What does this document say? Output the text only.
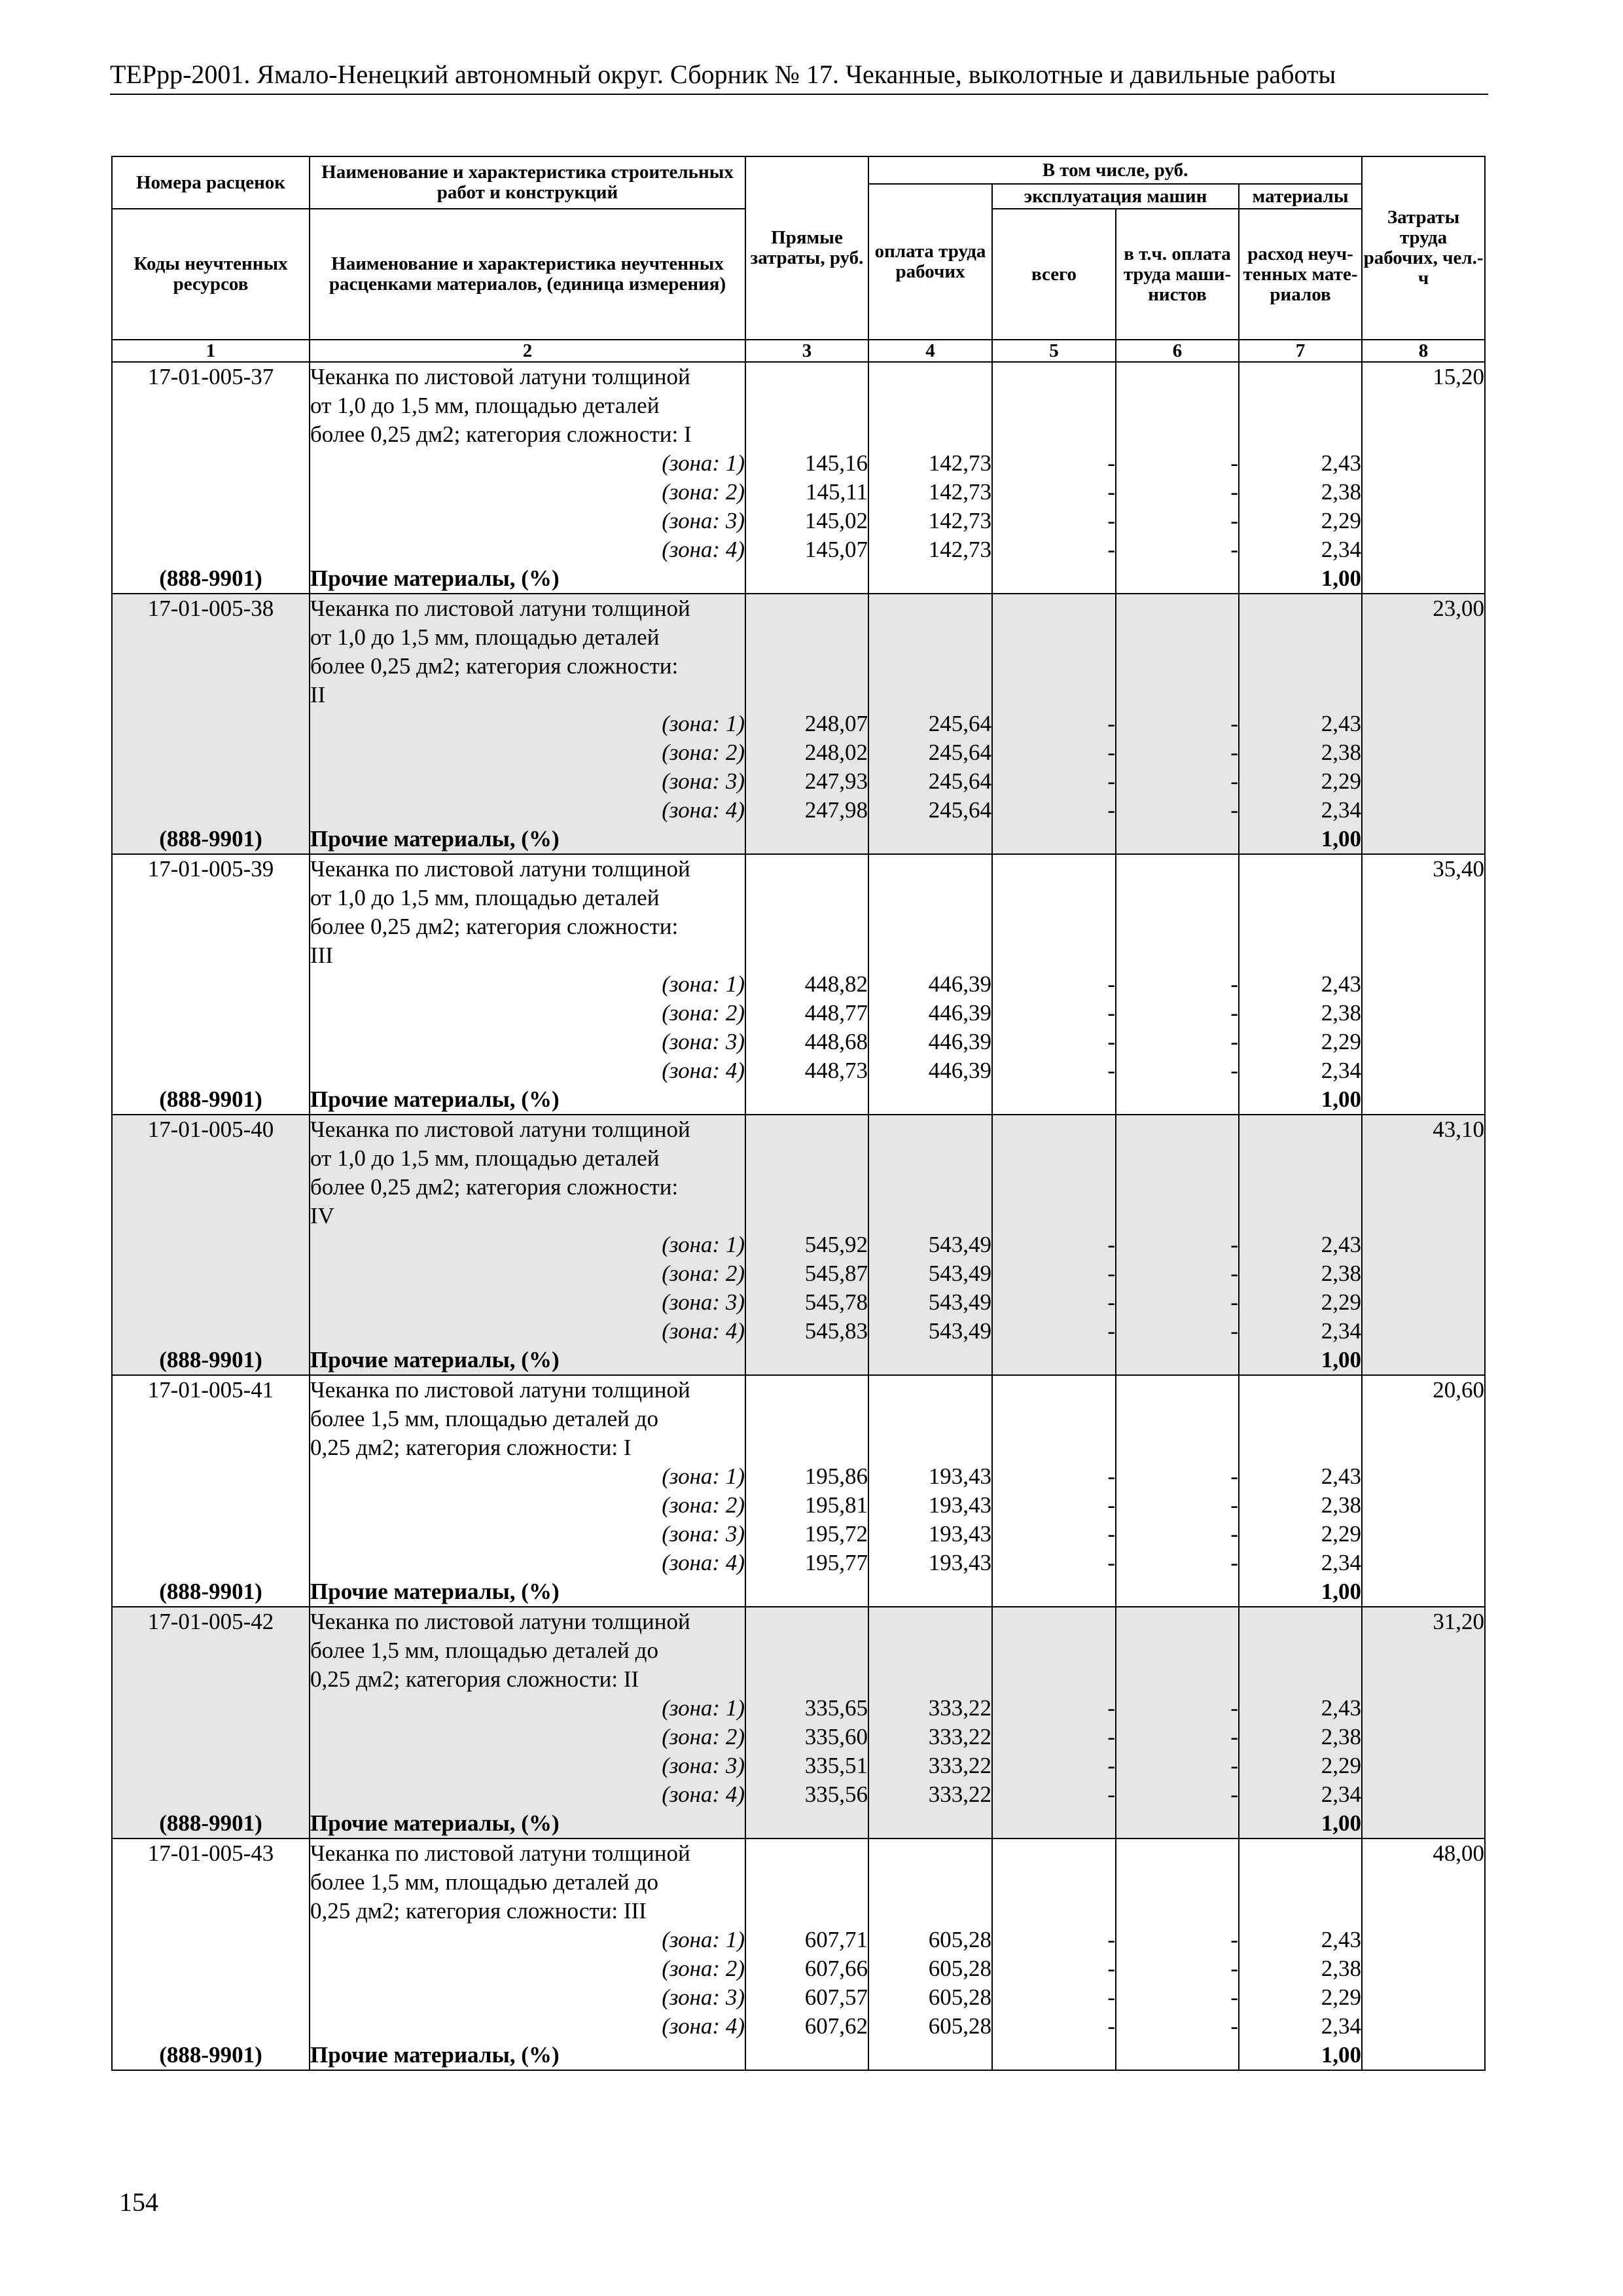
ТЕРрр-2001. Ямало-Ненецкий автономный округ. Сборник № 17. Чеканные, выколотные и давильные работы
Номера расценок	Наименование и характеристика строительных работ и конструкций	Прямые затраты, руб.	В том числе, руб.				Затраты труда рабочих, чел.-ч
			оплата труда рабочих	эксплуатация машин		материалы	
Коды неучтенных ресурсов	Наименование и характеристика неучтенных расценками материалов, (единица измерения)			всего	в т.ч. оплата труда маши-нистов	расход неуч-тенных мате-риалов	

1	2	3	4	5	6	7	8
17-01-005-37	Чеканка по листовой латуни толщиной						15,20
	от 1,0 до 1,5 мм, площадью деталей						
	более 0,25 дм2; категория сложности: I						
	(зона: 1)	145,16	142,73	-	-	2,43	
	(зона: 2)	145,11	142,73	-	-	2,38	
	(зона: 3)	145,02	142,73	-	-	2,29	
	(зона: 4)	145,07	142,73	-	-	2,34	
(888-9901)	Прочие материалы, (%)					1,00	
17-01-005-38	Чеканка по листовой латуни толщиной						23,00
	от 1,0 до 1,5 мм, площадью деталей						
	более 0,25 дм2; категория сложности:						
	II						
	(зона: 1)	248,07	245,64	-	-	2,43	
	(зона: 2)	248,02	245,64	-	-	2,38	
	(зона: 3)	247,93	245,64	-	-	2,29	
	(зона: 4)	247,98	245,64	-	-	2,34	
(888-9901)	Прочие материалы, (%)					1,00	
17-01-005-39	Чеканка по листовой латуни толщиной						35,40
	от 1,0 до 1,5 мм, площадью деталей						
	более 0,25 дм2; категория сложности:						
	III						
	(зона: 1)	448,82	446,39	-	-	2,43	
	(зона: 2)	448,77	446,39	-	-	2,38	
	(зона: 3)	448,68	446,39	-	-	2,29	
	(зона: 4)	448,73	446,39	-	-	2,34	
(888-9901)	Прочие материалы, (%)					1,00	
17-01-005-40	Чеканка по листовой латуни толщиной						43,10
	от 1,0 до 1,5 мм, площадью деталей						
	более 0,25 дм2; категория сложности:						
	IV						
	(зона: 1)	545,92	543,49	-	-	2,43	
	(зона: 2)	545,87	543,49	-	-	2,38	
	(зона: 3)	545,78	543,49	-	-	2,29	
	(зона: 4)	545,83	543,49	-	-	2,34	
(888-9901)	Прочие материалы, (%)					1,00	
17-01-005-41	Чеканка по листовой латуни толщиной						20,60
	более 1,5 мм, площадью деталей до						
	0,25 дм2; категория сложности: I						
	(зона: 1)	195,86	193,43	-	-	2,43	
	(зона: 2)	195,81	193,43	-	-	2,38	
	(зона: 3)	195,72	193,43	-	-	2,29	
	(зона: 4)	195,77	193,43	-	-	2,34	
(888-9901)	Прочие материалы, (%)					1,00	
17-01-005-42	Чеканка по листовой латуни толщиной						31,20
	более 1,5 мм, площадью деталей до						
	0,25 дм2; категория сложности: II						
	(зона: 1)	335,65	333,22	-	-	2,43	
	(зона: 2)	335,60	333,22	-	-	2,38	
	(зона: 3)	335,51	333,22	-	-	2,29	
	(зона: 4)	335,56	333,22	-	-	2,34	
(888-9901)	Прочие материалы, (%)					1,00	
17-01-005-43	Чеканка по листовой латуни толщиной						48,00
	более 1,5 мм, площадью деталей до						
	0,25 дм2; категория сложности: III						
	(зона: 1)	607,71	605,28	-	-	2,43	
	(зона: 2)	607,66	605,28	-	-	2,38	
	(зона: 3)	607,57	605,28	-	-	2,29	
	(зона: 4)	607,62	605,28	-	-	2,34	
(888-9901)	Прочие материалы, (%)					1,00	
154
